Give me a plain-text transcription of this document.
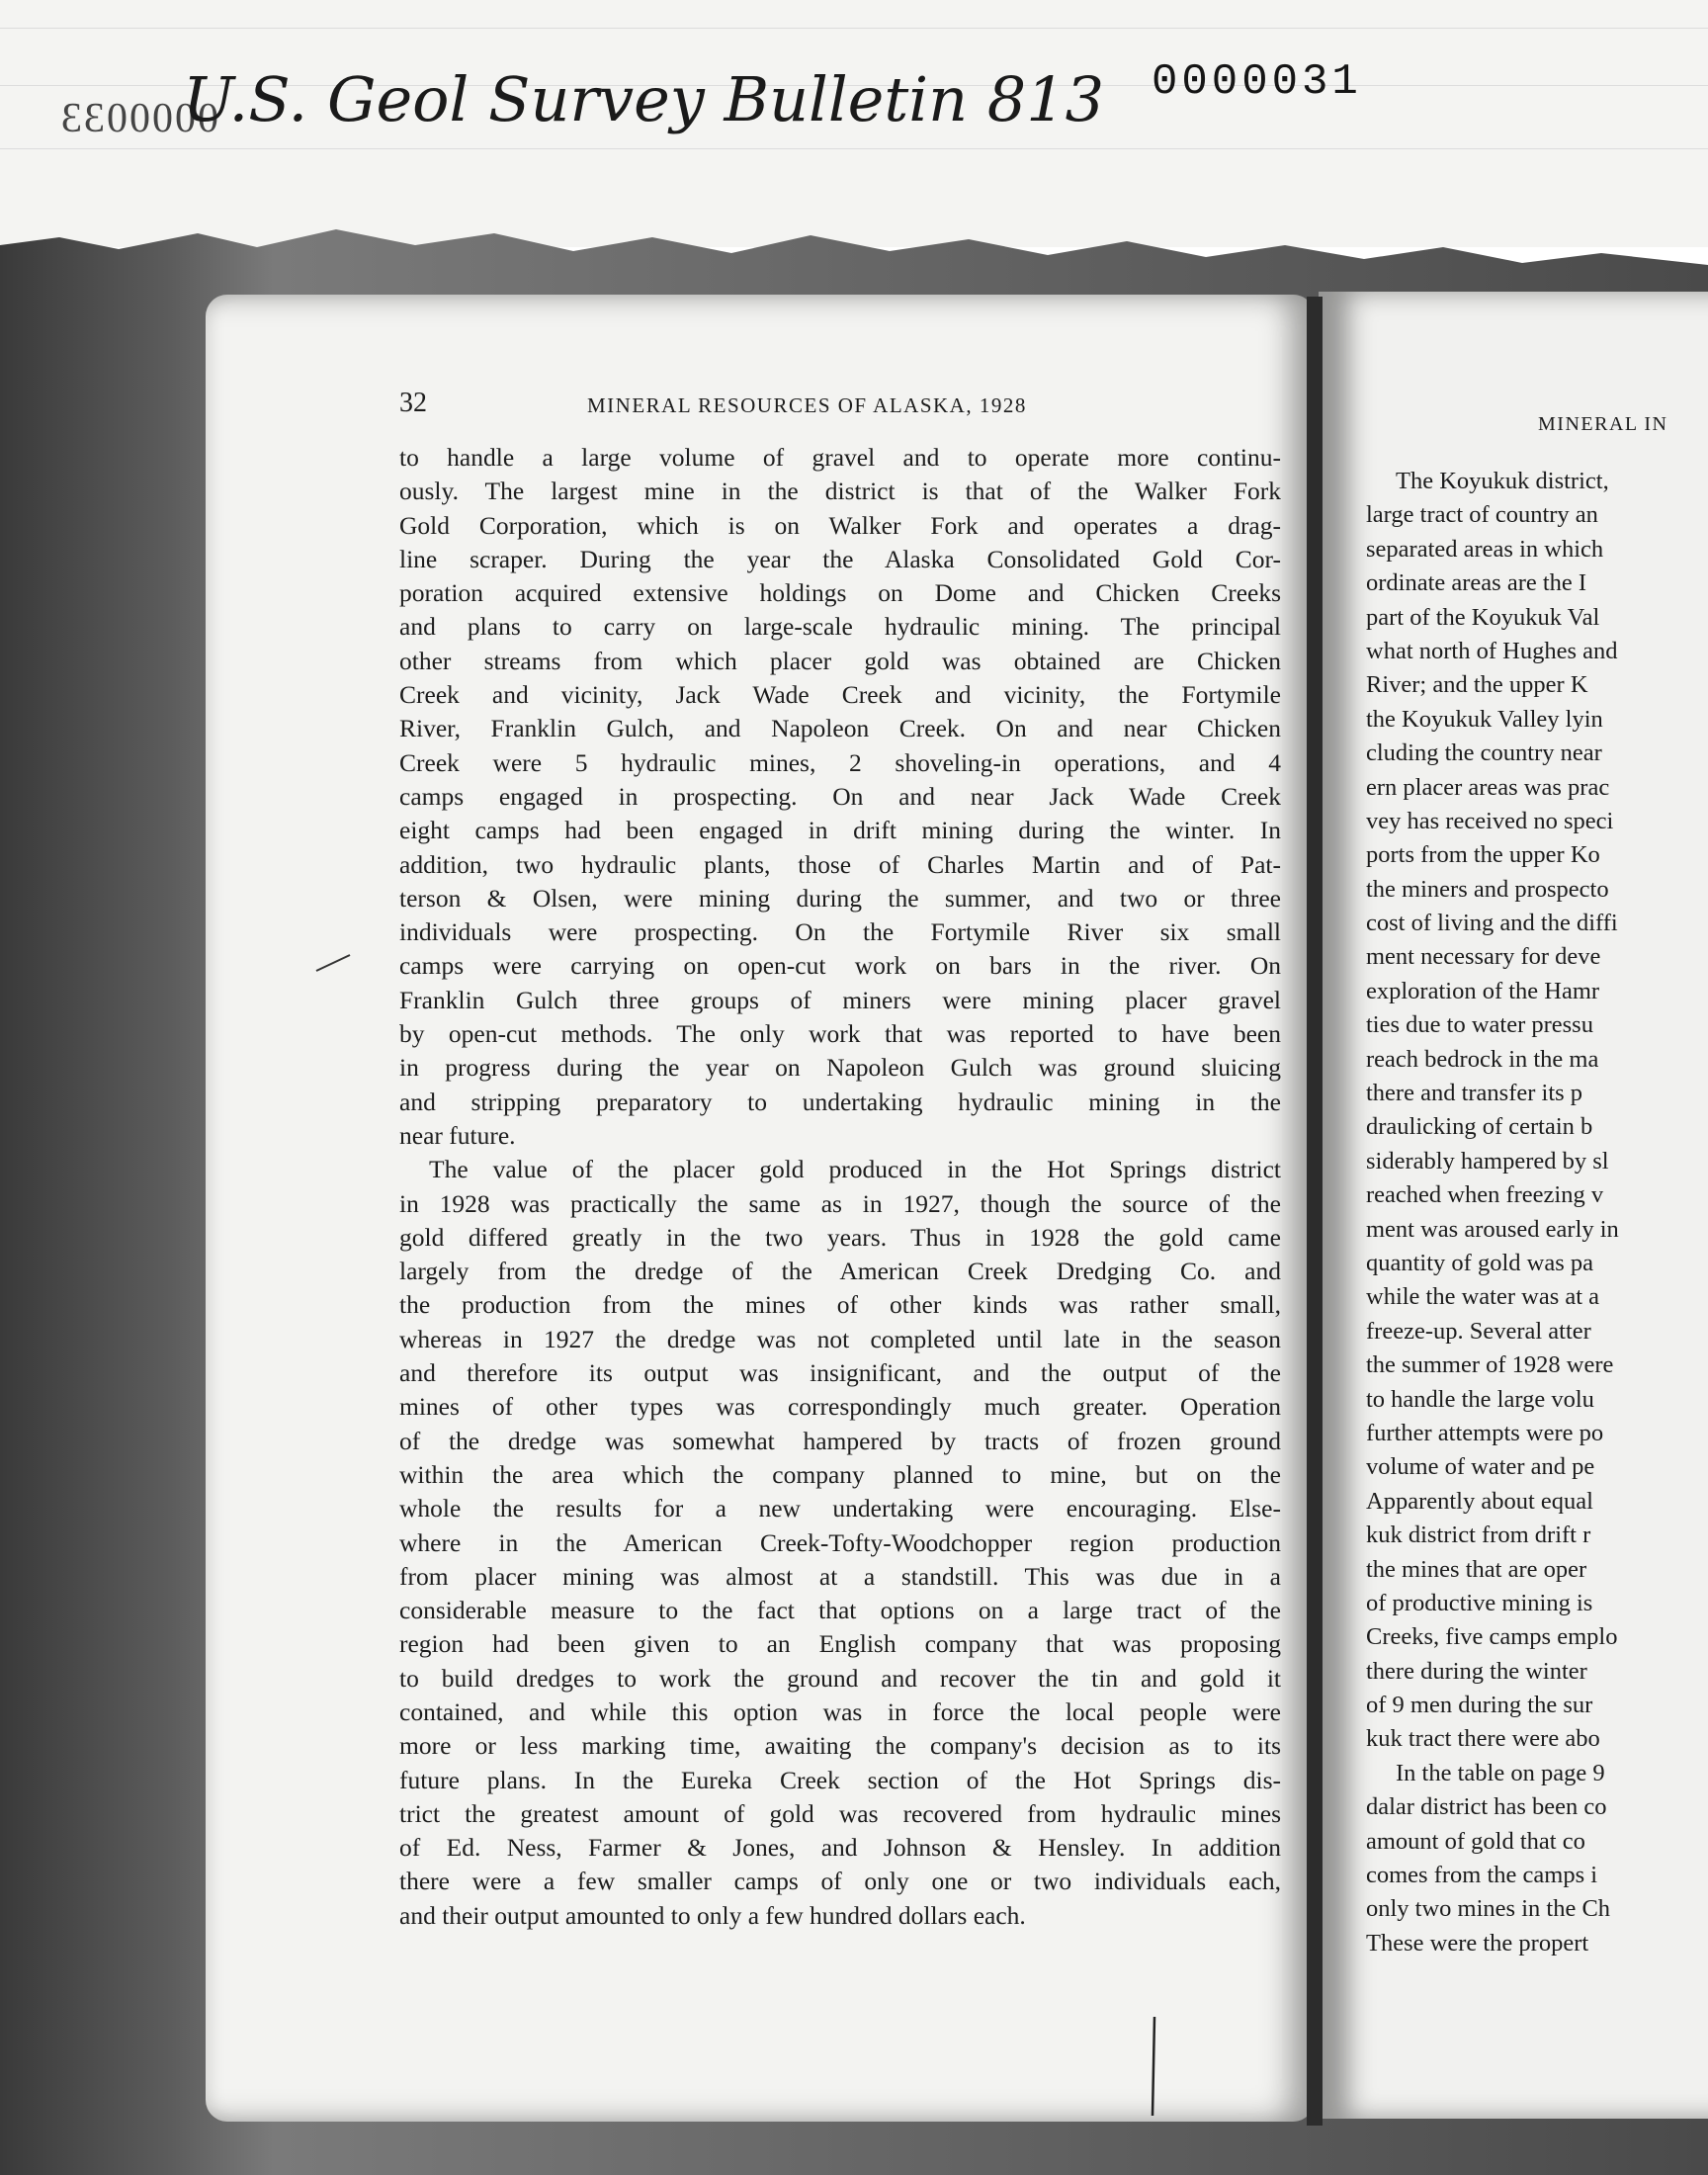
0000033
U.S. Geol Survey Bulletin 813 0000031
32	MINERAL RESOURCES OF ALASKA, 1928
to handle a large volume of gravel and to operate more continu-
ously. The largest mine in the district is that of the Walker Fork
Gold Corporation, which is on Walker Fork and operates a drag-
line scraper. During the year the Alaska Consolidated Gold Cor-
poration acquired extensive holdings on Dome and Chicken Creeks
and plans to carry on large-scale hydraulic mining. The principal
other streams from which placer gold was obtained are Chicken
Creek and vicinity, Jack Wade Creek and vicinity, the Fortymile
River, Franklin Gulch, and Napoleon Creek. On and near Chicken
Creek were 5 hydraulic mines, 2 shoveling-in operations, and 4
camps engaged in prospecting. On and near Jack Wade Creek
eight camps had been engaged in drift mining during the winter. In
addition, two hydraulic plants, those of Charles Martin and of Pat-
terson & Olsen, were mining during the summer, and two or three
individuals were prospecting. On the Fortymile River six small
camps were carrying on open-cut work on bars in the river. On
Franklin Gulch three groups of miners were mining placer gravel
by open-cut methods. The only work that was reported to have been
in progress during the year on Napoleon Gulch was ground sluicing
and stripping preparatory to undertaking hydraulic mining in the
near future.
The value of the placer gold produced in the Hot Springs district
in 1928 was practically the same as in 1927, though the source of the
gold differed greatly in the two years. Thus in 1928 the gold came
largely from the dredge of the American Creek Dredging Co. and
the production from the mines of other kinds was rather small,
whereas in 1927 the dredge was not completed until late in the season
and therefore its output was insignificant, and the output of the
mines of other types was correspondingly much greater. Operation
of the dredge was somewhat hampered by tracts of frozen ground
within the area which the company planned to mine, but on the
whole the results for a new undertaking were encouraging. Else-
where in the American Creek-Tofty-Woodchopper region production
from placer mining was almost at a standstill. This was due in a
considerable measure to the fact that options on a large tract of the
region had been given to an English company that was proposing
to build dredges to work the ground and recover the tin and gold it
contained, and while this option was in force the local people were
more or less marking time, awaiting the company's decision as to its
future plans. In the Eureka Creek section of the Hot Springs dis-
trict the greatest amount of gold was recovered from hydraulic mines
of Ed. Ness, Farmer & Jones, and Johnson & Hensley. In addition
there were a few smaller camps of only one or two individuals each,
and their output amounted to only a few hundred dollars each.
MINERAL IN
The Koyukuk district,
large tract of country an
separated areas in which
ordinate areas are the I
part of the Koyukuk Val
what north of Hughes and
River; and the upper K
the Koyukuk Valley lyin
cluding the country near
ern placer areas was prac
vey has received no speci
ports from the upper Ko
the miners and prospecto
cost of living and the diffi
ment necessary for deve
exploration of the Hamr
ties due to water pressu
reach bedrock in the ma
there and transfer its p
draulicking of certain b
siderably hampered by sl
reached when freezing v
ment was aroused early in
quantity of gold was pa
while the water was at a
freeze-up. Several atter
the summer of 1928 were
to handle the large volu
further attempts were po
volume of water and pe
Apparently about equal
kuk district from drift r
the mines that are oper
of productive mining is
Creeks, five camps emplo
there during the winter
of 9 men during the sur
kuk tract there were abo
In the table on page 9
dalar district has been co
amount of gold that co
comes from the camps i
only two mines in the Ch
These were the propert
